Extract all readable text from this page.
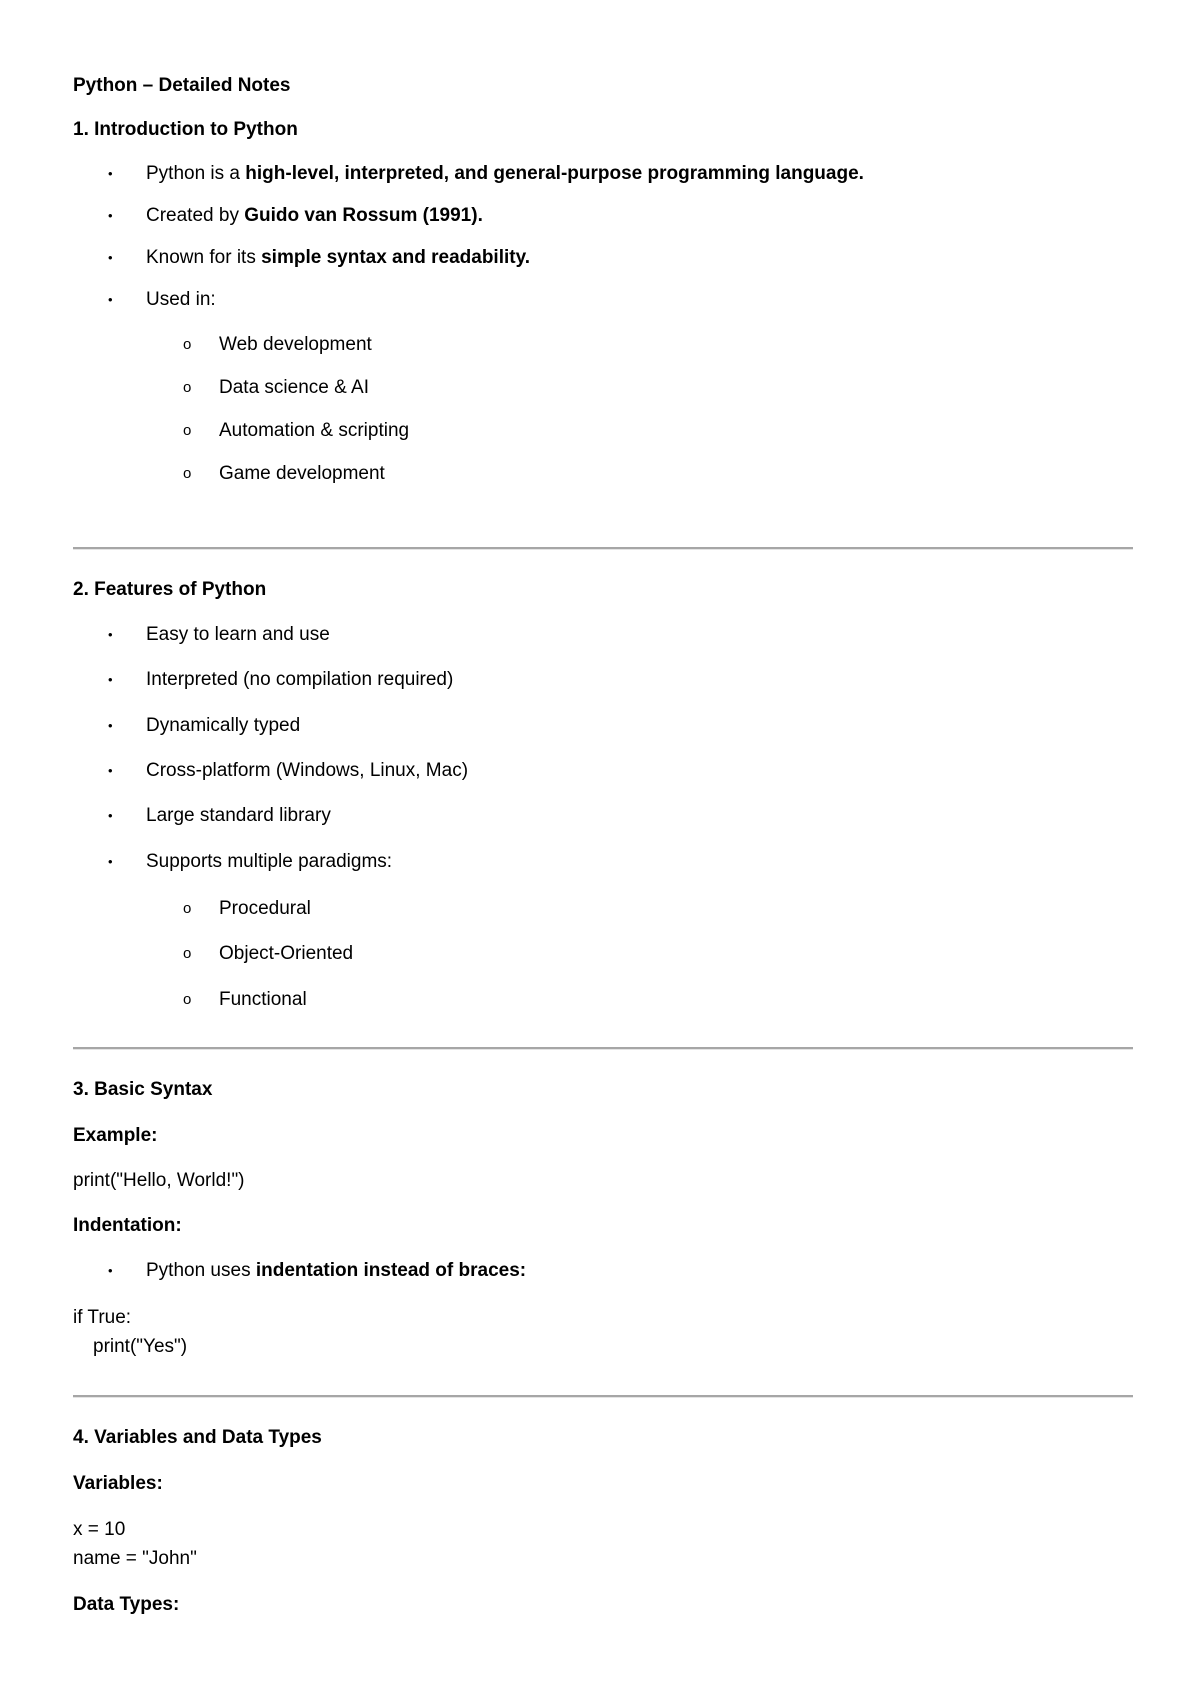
Python – Detailed Notes
1. Introduction to Python
• Python is a high-level, interpreted, and general-purpose programming language.
• Created by Guido van Rossum (1991).
• Known for its simple syntax and readability.
• Used in:
o Web development
o Data science & AI
o Automation & scripting
o Game development
2. Features of Python
• Easy to learn and use
• Interpreted (no compilation required)
• Dynamically typed
• Cross-platform (Windows, Linux, Mac)
• Large standard library
• Supports multiple paradigms:
o Procedural
o Object-Oriented
o Functional
3. Basic Syntax
Example:
print("Hello, World!")
Indentation:
• Python uses indentation instead of braces:
if True:
print("Yes")
4. Variables and Data Types
Variables:
x = 10
name = "John"
Data Types:
